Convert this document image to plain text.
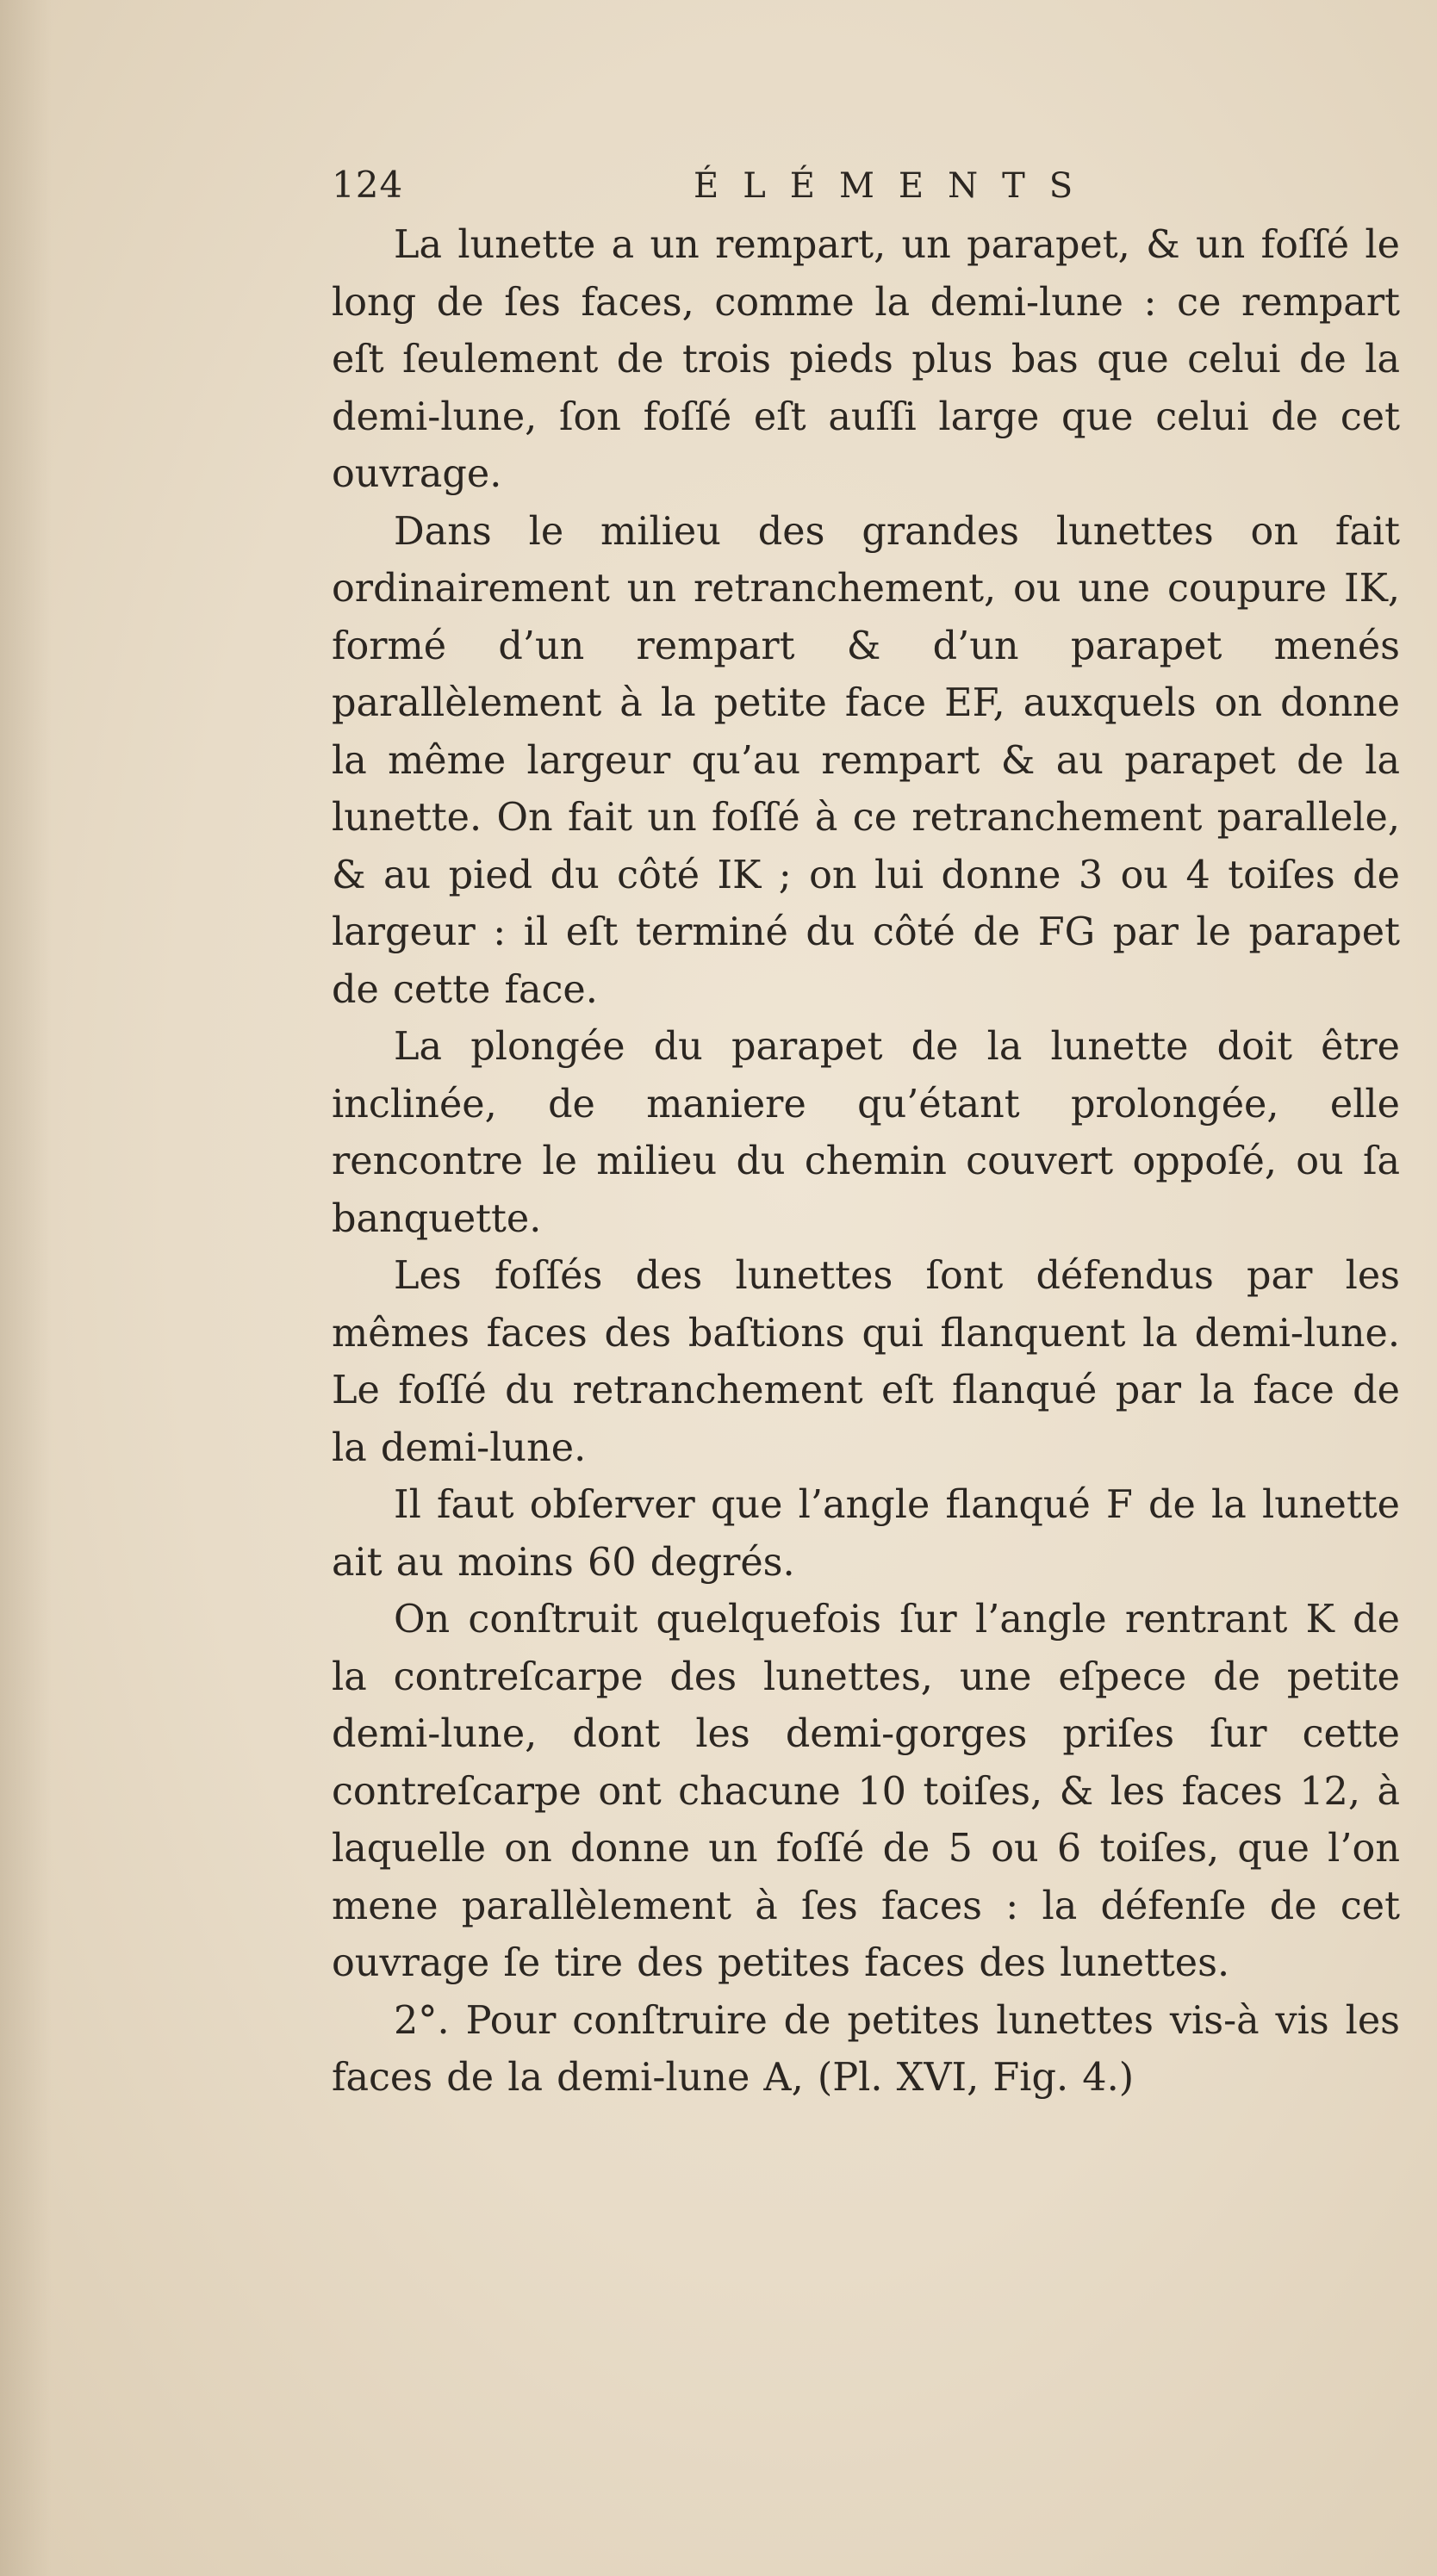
124	ÉLÉMENTS

La lunette a un rempart, un parapet, & un foſſé le long de ſes faces, comme la demi-lune : ce rempart eſt ſeulement de trois pieds plus bas que celui de la demi-lune, ſon foſſé eſt auſſi large que celui de cet ouvrage.

Dans le milieu des grandes lunettes on fait ordinairement un retranchement, ou une coupure IK, formé d’un rempart & d’un parapet menés parallèlement à la petite face EF, auxquels on donne la même largeur qu’au rempart & au parapet de la lunette. On fait un foſſé à ce retranchement parallele, & au pied du côté IK ; on lui donne 3 ou 4 toiſes de largeur : il eſt terminé du côté de FG par le parapet de cette face.

La plongée du parapet de la lunette doit être inclinée, de maniere qu’étant prolongée, elle rencontre le milieu du chemin couvert oppoſé, ou ſa banquette.

Les foſſés des lunettes ſont défendus par les mêmes faces des baſtions qui flanquent la demi-lune. Le foſſé du retranchement eſt flanqué par la face de la demi-lune.

Il faut obſerver que l’angle flanqué F de la lunette ait au moins 60 degrés.

On conſtruit quelquefois ſur l’angle rentrant K de la contreſcarpe des lunettes, une eſpece de petite demi-lune, dont les demi-gorges priſes ſur cette contreſcarpe ont chacune 10 toiſes, & les faces 12, à laquelle on donne un foſſé de 5 ou 6 toiſes, que l’on mene parallèlement à ſes faces : la défenſe de cet ouvrage ſe tire des petites faces des lunettes.

2°. Pour conſtruire de petites lunettes vis-à vis les faces de la demi-lune A, (Pl. XVI, Fig. 4.)
